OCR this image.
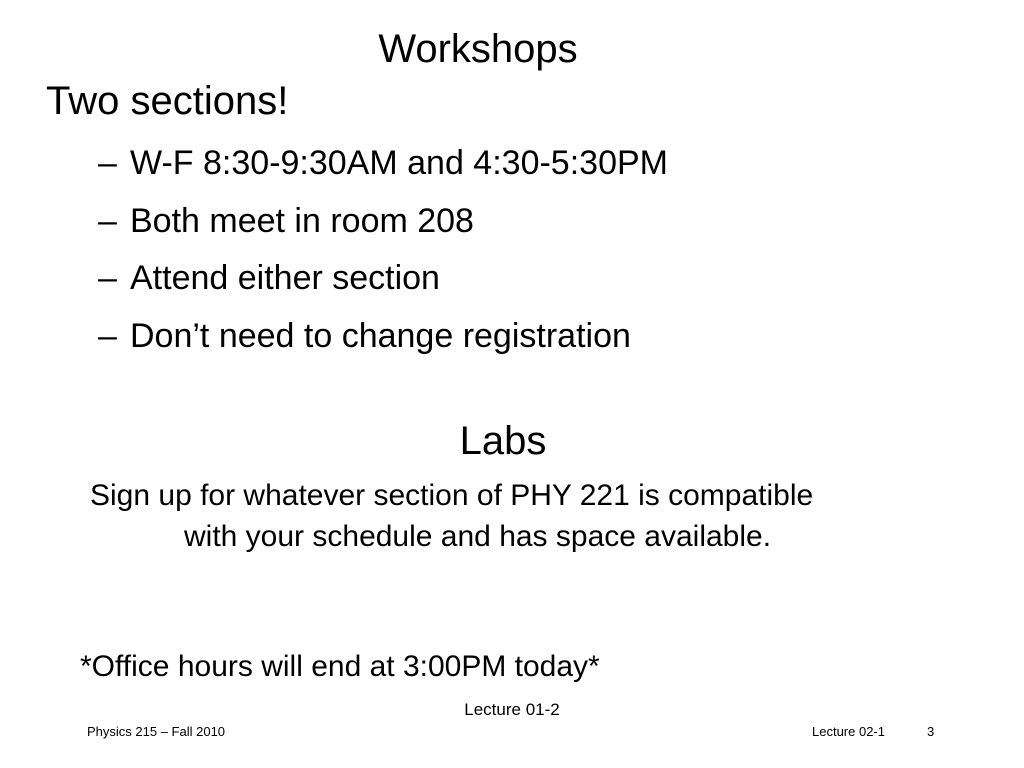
Workshops
Two sections!
– W-F 8:30-9:30AM and 4:30-5:30PM
– Both meet in room 208
– Attend either section
– Don’t need to change registration
Labs
Sign up for whatever section of PHY 221 is compatible
with your schedule and has space available.
*Office hours will end at 3:00PM today*
Lecture 01-2
Physics 215 – Fall 2010	Lecture 02-1	3
